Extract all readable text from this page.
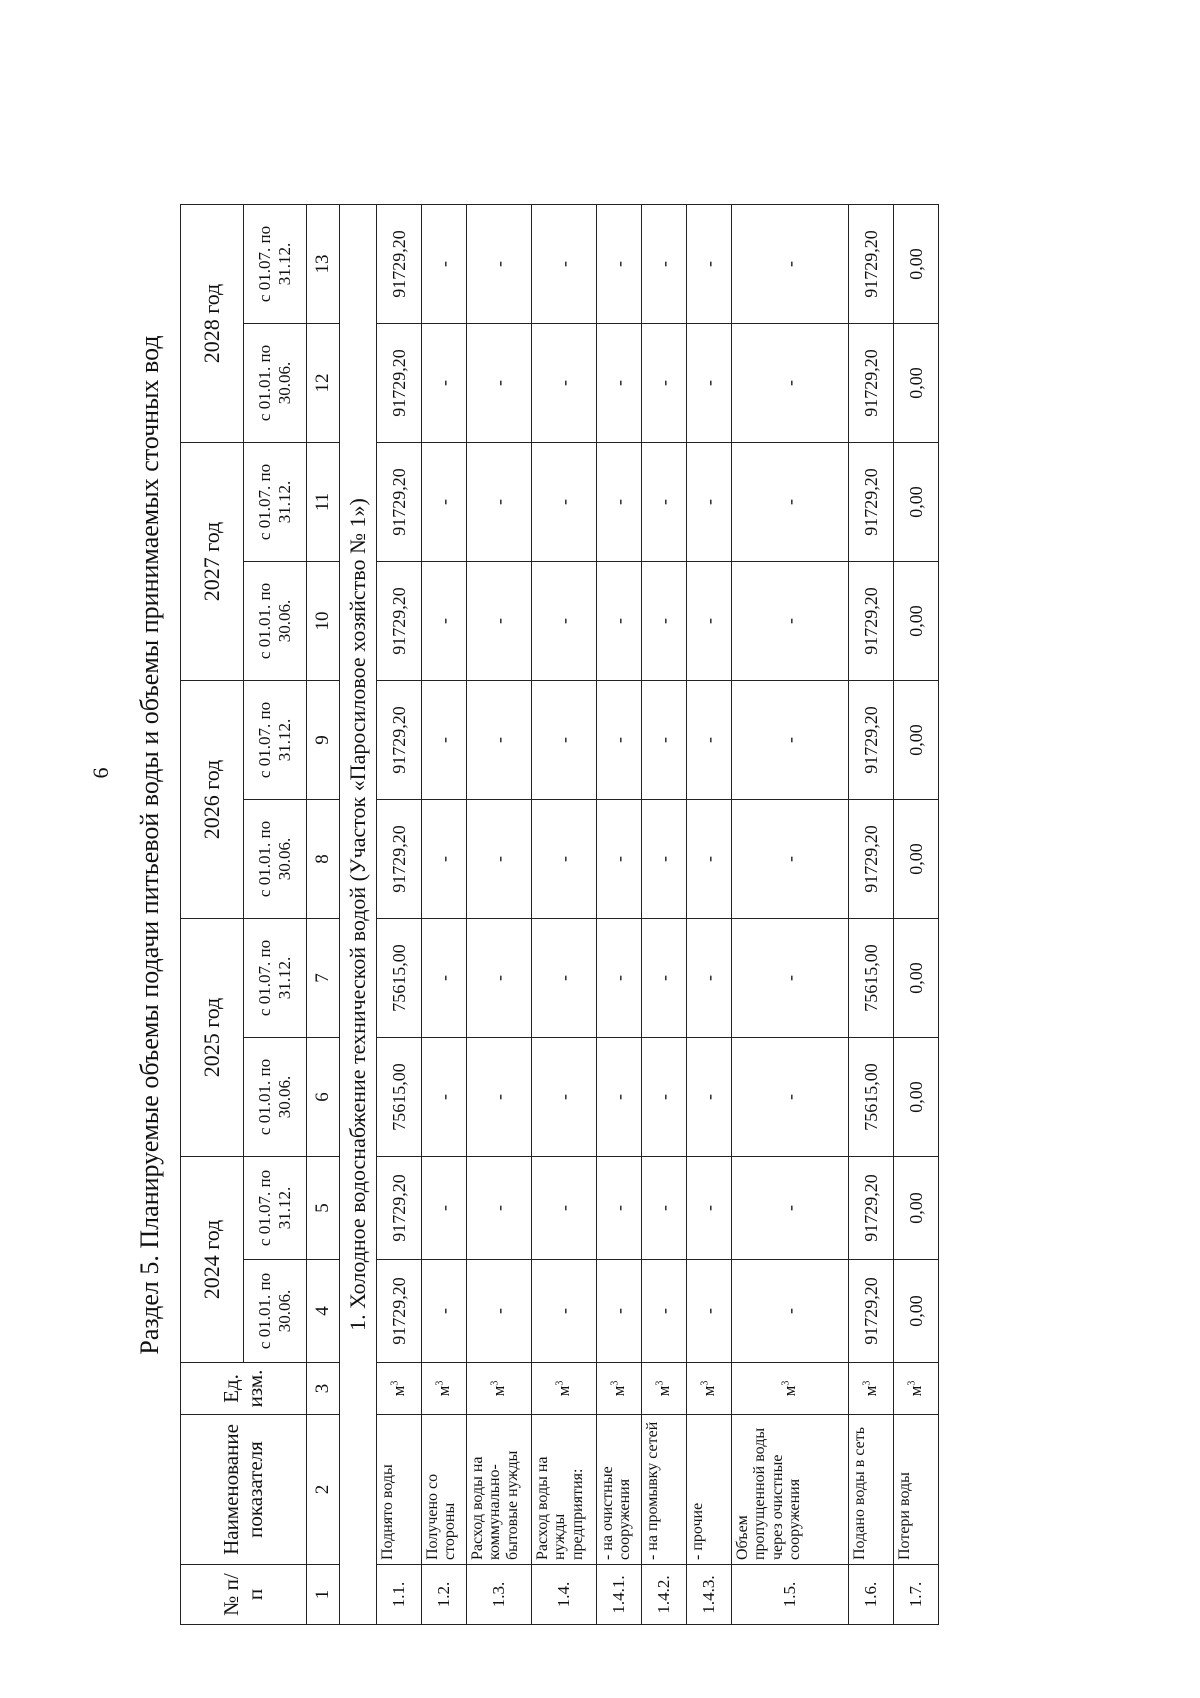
6 Раздел 5. Планируемые объемы подачи питьевой воды и объемы принимаемых сточных вод
№ п/п	Наименование показателя	Ед. изм.	2024 год		2025 год		2026 год		2027 год		2028 год	
			с 01.01. по 30.06.	с 01.07. по 31.12.	с 01.01. по 30.06.	с 01.07. по 31.12.	с 01.01. по 30.06.	с 01.07. по 31.12.	с 01.01. по 30.06.	с 01.07. по 31.12.	с 01.01. по 30.06.	с 01.07. по 31.12.
1	2	3	4	5	6	7	8	9	10	11	12	13
1. Холодное водоснабжение технической водой (Участок «Паросиловое хозяйство № 1»)												
1.1.	Поднято воды	$м^3$	91729,20	91729,20	75615,00	75615,00	91729,20	91729,20	91729,20	91729,20	91729,20	91729,20
1.2.	Получено со стороны	$м^3$	-	-	-	-	-	-	-	-	-	-
1.3.	Расход воды на коммунально-бытовые нужды	$м^3$	-	-	-	-	-	-	-	-	-	-
1.4.	Расход воды на нужды предприятия:	$м^3$	-	-	-	-	-	-	-	-	-	-
1.4.1.	- на очистные сооружения	$м^3$	-	-	-	-	-	-	-	-	-	-
1.4.2.	- на промывку сетей	$м^3$	-	-	-	-	-	-	-	-	-	-
1.4.3.	- прочие	$м^3$	-	-	-	-	-	-	-	-	-	-
1.5.	Объем пропущенной воды через очистные сооружения	$м^3$	-	-	-	-	-	-	-	-	-	-
1.6.	Подано воды в сеть	$м^3$	91729,20	91729,20	75615,00	75615,00	91729,20	91729,20	91729,20	91729,20	91729,20	91729,20
1.7.	Потери воды	$м^3$	0,00	0,00	0,00	0,00	0,00	0,00	0,00	0,00	0,00	0,00
